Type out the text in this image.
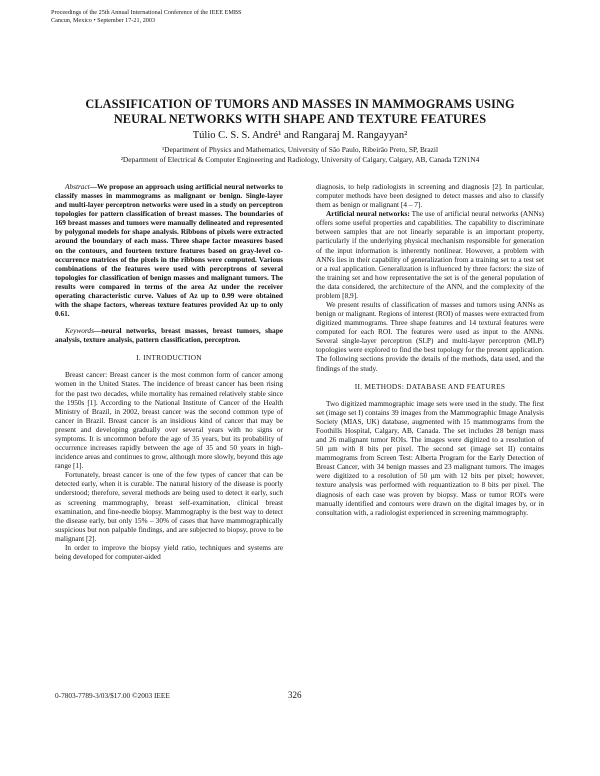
Proceedings of the 25th Annual International Conference of the IEEE EMBS
Cancun, Mexico • September 17-21, 2003
CLASSIFICATION OF TUMORS AND MASSES IN MAMMOGRAMS USING
NEURAL NETWORKS WITH SHAPE AND TEXTURE FEATURES
Túlio C. S. S. André¹ and Rangaraj M. Rangayyan²
¹Department of Physics and Mathematics, University of São Paulo, Ribeirão Preto, SP, Brazil
²Department of Electrical & Computer Engineering and Radiology, University of Calgary, Calgary, AB, Canada T2N1N4

Abstract—We propose an approach using artificial neural networks to classify masses in mammograms as malignant or benign. Single-layer and multi-layer perceptron networks were used in a study on perceptron topologies for pattern classification of breast masses. The boundaries of 169 breast masses and tumors were manually delineated and represented by polygonal models for shape analysis. Ribbons of pixels were extracted around the boundary of each mass. Three shape factor measures based on the contours, and fourteen texture features based on gray-level co-occurrence matrices of the pixels in the ribbons were computed. Various combinations of the features were used with perceptrons of several topologies for classification of benign masses and malignant tumors. The results were compared in terms of the area Az under the receiver operating characteristic curve. Values of Az up to 0.99 were obtained with the shape factors, whereas texture features provided Az up to only 0.61.

Keywords—neural networks, breast masses, breast tumors, shape analysis, texture analysis, pattern classification, perceptron.

I. INTRODUCTION

Breast cancer: Breast cancer is the most common form of cancer among women in the United States. The incidence of breast cancer has been rising for the past two decades, while mortality has remained relatively stable since the 1950s [1]. According to the National Institute of Cancer of the Health Ministry of Brazil, in 2002, breast cancer was the second common type of cancer in Brazil. Breast cancer is an insidious kind of cancer that may be present and developing gradually over several years with no signs or symptoms. It is uncommon before the age of 35 years, but its probability of occurrence increases rapidly between the age of 35 and 50 years in high-incidence areas and continues to grow, although more slowly, beyond this age range [1].

Fortunately, breast cancer is one of the few types of cancer that can be detected early, when it is curable. The natural history of the disease is poorly understood; therefore, several methods are being used to detect it early, such as screening mammography, breast self-examination, clinical breast examination, and fine-needle biopsy. Mammography is the best way to detect the disease early, but only 15% – 30% of cases that have mammographically suspicious but non palpable findings, and are subjected to biopsy, prove to be malignant [2].

In order to improve the biopsy yield ratio, techniques and systems are being developed for computer-aided

diagnosis, to help radiologists in screening and diagnosis [2]. In particular, computer methods have been designed to detect masses and also to classify them as benign or malignant [4 – 7].

Artificial neural networks: The use of artificial neural networks (ANNs) offers some useful properties and capabilities. The capability to discriminate between samples that are not linearly separable is an important property, particularly if the underlying physical mechanism responsible for generation of the input information is inherently nonlinear. However, a problem with ANNs lies in their capability of generalization from a training set to a test set or a real application. Generalization is influenced by three factors: the size of the training set and how representative the set is of the general population of the data considered, the architecture of the ANN, and the complexity of the problem [8,9].

We present results of classification of masses and tumors using ANNs as benign or malignant. Regions of interest (ROI) of masses were extracted from digitized mammograms. Three shape features and 14 textural features were computed for each ROI. The features were used as input to the ANNs. Several single-layer perceptron (SLP) and multi-layer perceptron (MLP) topologies were explored to find the best topology for the present application. The following sections provide the details of the methods, data used, and the findings of the study.

II. METHODS: DATABASE AND FEATURES

Two digitized mammographic image sets were used in the study. The first set (image set I) contains 39 images from the Mammographic Image Analysis Society (MIAS, UK) database, augmented with 15 mammograms from the Foothills Hospital, Calgary, AB, Canada. The set includes 28 benign mass and 26 malignant tumor ROIs. The images were digitized to a resolution of 50 µm with 8 bits per pixel. The second set (image set II) contains mammograms from Screen Test: Alberta Program for the Early Detection of Breast Cancer, with 34 benign masses and 23 malignant tumors. The images were digitized to a resolution of 50 µm with 12 bits per pixel; however, texture analysis was performed with requantization to 8 bits per pixel. The diagnosis of each case was proven by biopsy. Mass or tumor ROI's were manually identified and contours were drawn on the digital images by, or in consultation with, a radiologist experienced in screening mammography.

0-7803-7789-3/03/$17.00 ©2003 IEEE	326
